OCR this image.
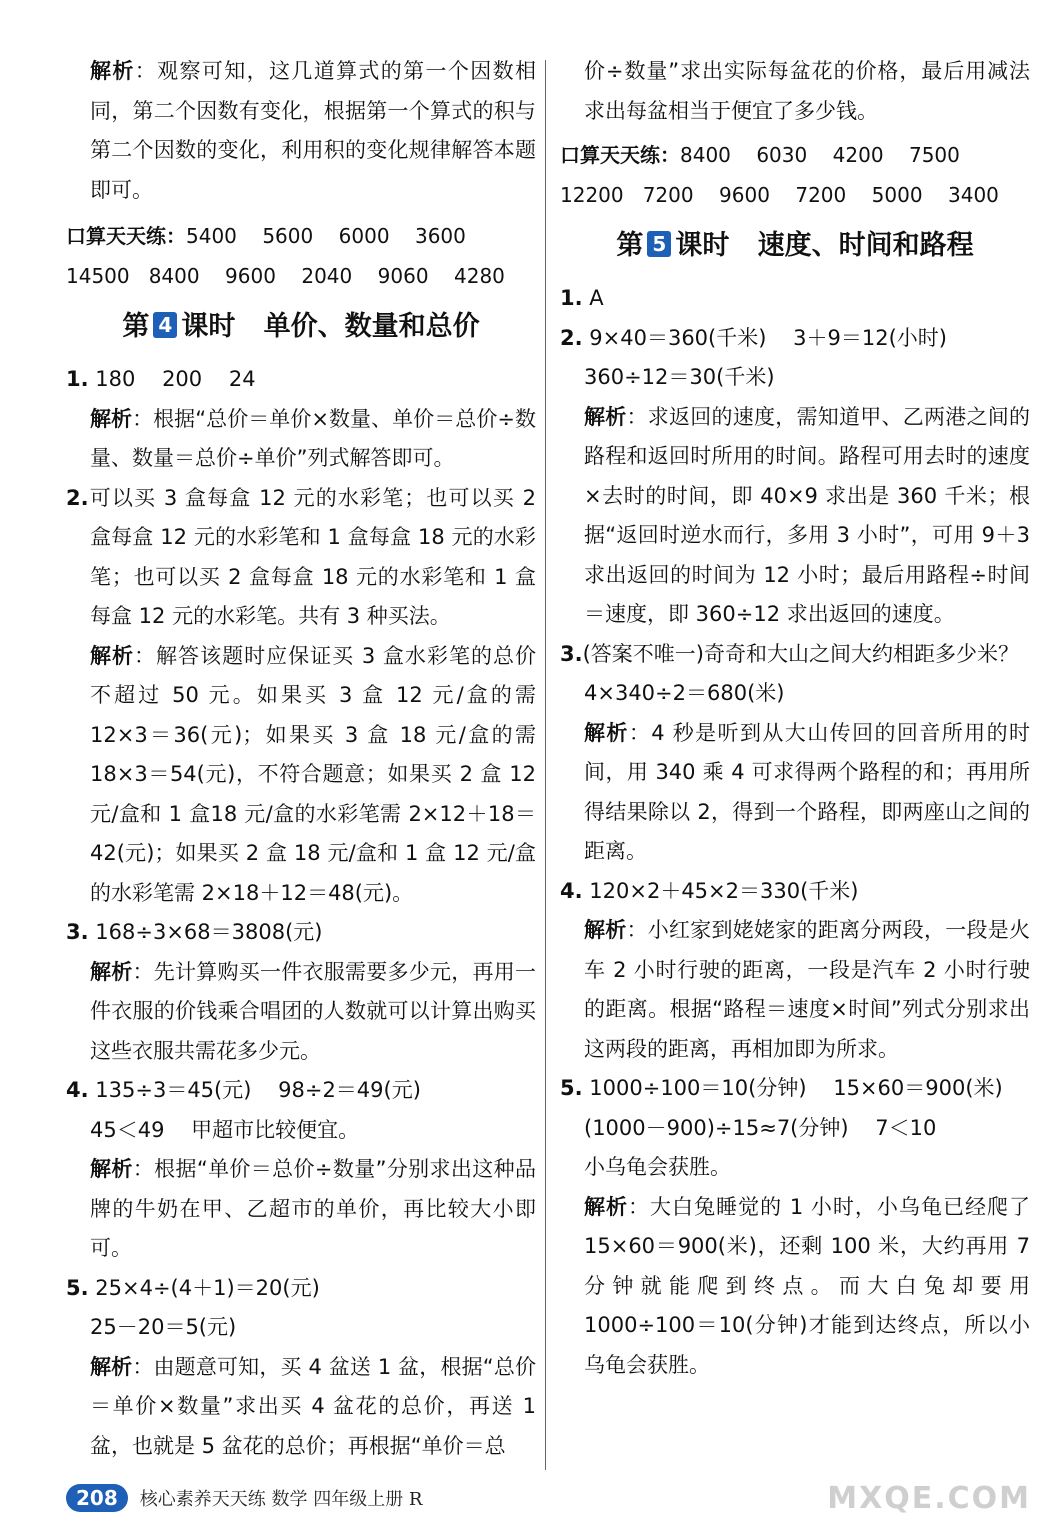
解析：观察可知，这几道算式的第一个因数相同，第二个因数有变化，根据第一个算式的积与第二个因数的变化，利用积的变化规律解答本题即可。

口算天天练：5400    5600    6000    3600

14500   8400    9600    2040    9060    4280

第 4 课时 单价、数量和总价

1. 180    200    24

解析：根据“总价＝单价×数量、单价＝总价÷数量、数量＝总价÷单价”列式解答即可。

2.可以买 3 盒每盒 12 元的水彩笔；也可以买 2 盒每盒 12 元的水彩笔和 1 盒每盒 18 元的水彩笔；也可以买 2 盒每盒 18 元的水彩笔和 1 盒每盒 12 元的水彩笔。共有 3 种买法。

解析：解答该题时应保证买 3 盒水彩笔的总价不超过 50 元。如果买 3 盒 12 元/盒的需 12×3＝36(元)；如果买 3 盒 18 元/盒的需 18×3＝54(元)，不符合题意；如果买 2 盒 12 元/盒和 1 盒18 元/盒的水彩笔需 2×12＋18＝42(元)；如果买 2 盒 18 元/盒和 1 盒 12 元/盒的水彩笔需 2×18＋12＝48(元)。

3. 168÷3×68＝3808(元)

解析：先计算购买一件衣服需要多少元，再用一件衣服的价钱乘合唱团的人数就可以计算出购买这些衣服共需花多少元。

4. 135÷3＝45(元)    98÷2＝49(元)

45＜49    甲超市比较便宜。

解析：根据“单价＝总价÷数量”分别求出这种品牌的牛奶在甲、乙超市的单价，再比较大小即可。

5. 25×4÷(4＋1)＝20(元)

25－20＝5(元)

解析：由题意可知，买 4 盆送 1 盆，根据“总价＝单价×数量”求出买 4 盆花的总价，再送 1 盆，也就是 5 盆花的总价；再根据“单价＝总

价÷数量”求出实际每盆花的价格，最后用减法求出每盆相当于便宜了多少钱。

口算天天练：8400    6030    4200    7500

12200   7200    9600    7200    5000    3400

第 5 课时 速度、时间和路程

1. A

2. 9×40＝360(千米)    3＋9＝12(小时)

360÷12＝30(千米)

解析：求返回的速度，需知道甲、乙两港之间的路程和返回时所用的时间。路程可用去时的速度×去时的时间，即 40×9 求出是 360 千米；根据“返回时逆水而行，多用 3 小时”，可用 9＋3 求出返回的时间为 12 小时；最后用路程÷时间＝速度，即 360÷12 求出返回的速度。

3.(答案不唯一)奇奇和大山之间大约相距多少米？

4×340÷2＝680(米)

解析：4 秒是听到从大山传回的回音所用的时间，用 340 乘 4 可求得两个路程的和；再用所得结果除以 2，得到一个路程，即两座山之间的距离。

4. 120×2＋45×2＝330(千米)

解析：小红家到姥姥家的距离分两段，一段是火车 2 小时行驶的距离，一段是汽车 2 小时行驶的距离。根据“路程＝速度×时间”列式分别求出这两段的距离，再相加即为所求。

5. 1000÷100＝10(分钟)    15×60＝900(米)

(1000－900)÷15≈7(分钟)    7＜10

小乌龟会获胜。

解析：大白兔睡觉的 1 小时，小乌龟已经爬了 15×60＝900(米)，还剩 100 米，大约再用 7 分钟就能爬到终点。而大白兔却要用 1000÷100＝10(分钟)才能到达终点，所以小乌龟会获胜。

208	核心素养天天练 数学 四年级上册 R	MXQE.COM
